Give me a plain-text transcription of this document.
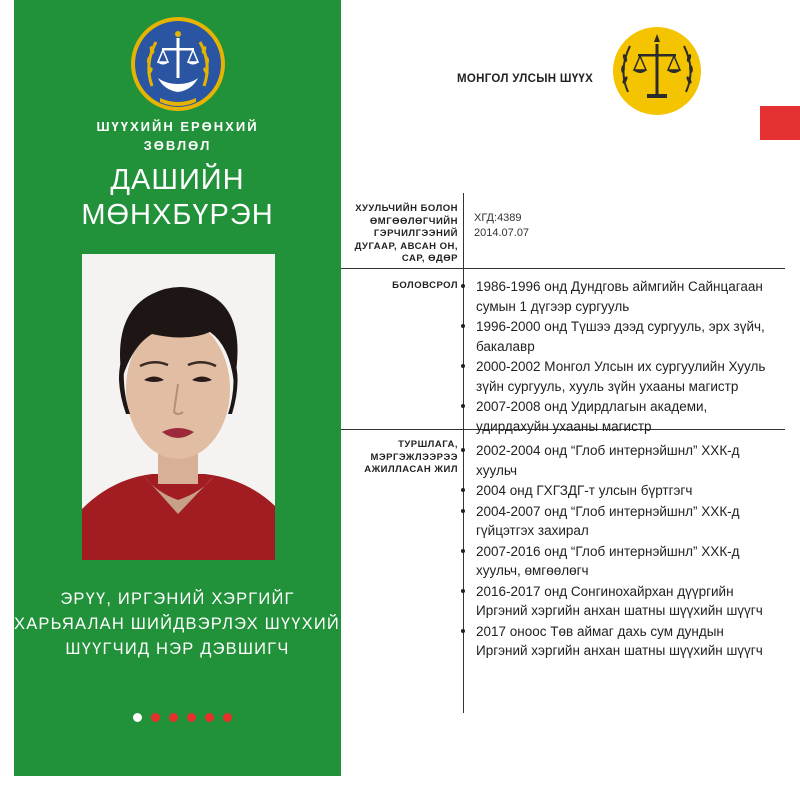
ШҮҮХИЙН ЕРӨНХИЙ
ЗӨВЛӨЛ
ДАШИЙН
МӨНХБҮРЭН
ЭРҮҮ, ИРГЭНИЙ ХЭРГИЙГ
ХАРЬЯАЛАН ШИЙДВЭРЛЭХ ШҮҮХИЙН
ШҮҮГЧИД НЭР ДЭВШИГЧ
МОНГОЛ УЛСЫН ШҮҮХ
ХУУЛЬЧИЙН БОЛОН
ӨМГӨӨЛӨГЧИЙН
ГЭРЧИЛГЭЭНИЙ
ДУГААР, АВСАН ОН,
САР, ӨДӨР
ХГД:4389
2014.07.07
БОЛОВСРОЛ 1986-1996 онд Дундговь аймгийн Сайнцагаан
сумын 1 дүгээр сургууль
1996-2000 онд Түшээ дээд сургууль, эрх зүйч,
бакалавр
2000-2002 Монгол Улсын их сургуулийн Хууль
зүйн сургууль, хууль зүйн ухааны магистр
2007-2008 онд Удирдлагын академи,
удирдахуйн ухааны магистр
ТУРШЛАГА,
МЭРГЭЖЛЭЭРЭЭ
АЖИЛЛАСАН ЖИЛ
2002-2004 онд “Глоб интернэйшнл” ХХК-д
хуульч
2004 онд ГХГЗДГ-т улсын бүртгэгч
2004-2007 онд “Глоб интернэйшнл” ХХК-д
гүйцэтгэх захирал
2007-2016 онд “Глоб интернэйшнл” ХХК-д
хуульч, өмгөөлөгч
2016-2017 онд Сонгинохайрхан дүүргийн
Иргэний хэргийн анхан шатны шүүхийн шүүгч
2017 оноос Төв аймаг дахь сум дундын
Иргэний хэргийн анхан шатны шүүхийн шүүгч
